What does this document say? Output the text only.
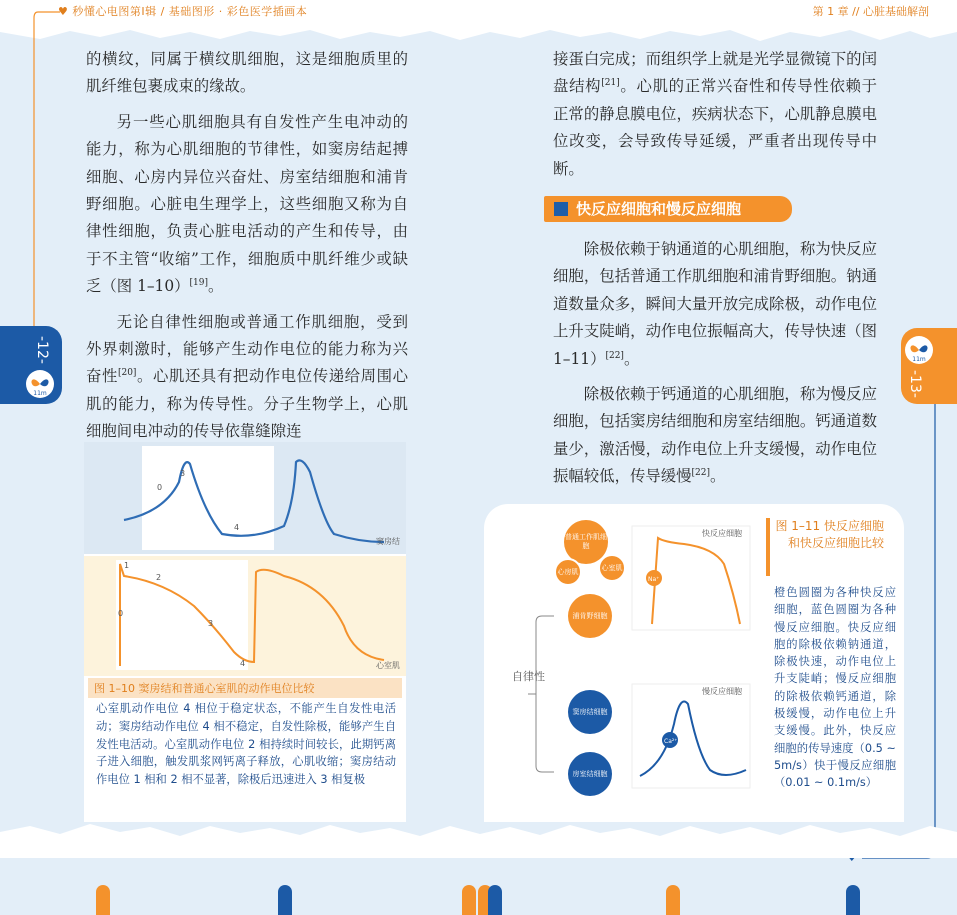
♥ 秒懂心电图第Ⅰ辑 / 基础图形 · 彩色医学插画本	第 1 章 // 心脏基础解剖
-12-
11m
11m
-13-

的横纹，同属于横纹肌细胞，这是细胞质里的肌纤维包裹成束的缘故。

另一些心肌细胞具有自发性产生电冲动的能力，称为心肌细胞的节律性，如窦房结起搏细胞、心房内异位兴奋灶、房室结细胞和浦肯野细胞。心脏电生理学上，这些细胞又称为自律性细胞，负责心脏电活动的产生和传导，由于不主管“收缩”工作，细胞质中肌纤维少或缺乏（图 1–10）[19]。

无论自律性细胞或普通工作肌细胞，受到外界刺激时，能够产生动作电位的能力称为兴奋性[20]。心肌还具有把动作电位传递给周围心肌的能力，称为传导性。分子生物学上，心肌细胞间电冲动的传导依靠缝隙连

接蛋白完成；而组织学上就是光学显微镜下的闰盘结构[21]。心肌的正常兴奋性和传导性依赖于正常的静息膜电位，疾病状态下，心肌静息膜电位改变，会导致传导延缓，严重者出现传导中断。

快反应细胞和慢反应细胞

除极依赖于钠通道的心肌细胞，称为快反应细胞，包括普通工作肌细胞和浦肯野细胞。钠通道数量众多，瞬间大量开放完成除极，动作电位上升支陡峭，动作电位振幅高大，传导快速（图 1–11）[22]。

除极依赖于钙通道的心肌细胞，称为慢反应细胞，包括窦房结细胞和房室结细胞。钙通道数量少，激活慢，动作电位上升支缓慢，动作电位振幅较低，传导缓慢[22]。

0
3
4
窦房结
0
1
2
3
4	心室肌
图 1–10 窦房结和普通心室肌的动作电位比较
心室肌动作电位 4 相位于稳定状态，不能产生自发性电活动；窦房结动作电位 4 相不稳定，自发性除极，能够产生自发性电活动。心室肌动作电位 2 相持续时间较长，此期钙离子进入细胞，触发肌浆网钙离子释放，心肌收缩；窦房结动作电位 1 相和 2 相不显著，除极后迅速进入 3 相复极
自律性
Na⁺
快反应细胞
Ca²⁺
慢反应细胞
普通工作肌细胞
心房肌	心室肌
浦肯野细胞
窦房结细胞
房室结细胞
图 1–11 快反应细胞和快反应细胞比较
橙色圆圈为各种快反应细胞，蓝色圆圈为各种慢反应细胞。快反应细胞的除极依赖钠通道，除极快速，动作电位上升支陡峭；慢反应细胞的除极依赖钙通道，除极缓慢，动作电位上升支缓慢。此外，快反应细胞的传导速度（0.5 ~ 5m/s）快于慢反应细胞（0.01 ~ 0.1m/s）
